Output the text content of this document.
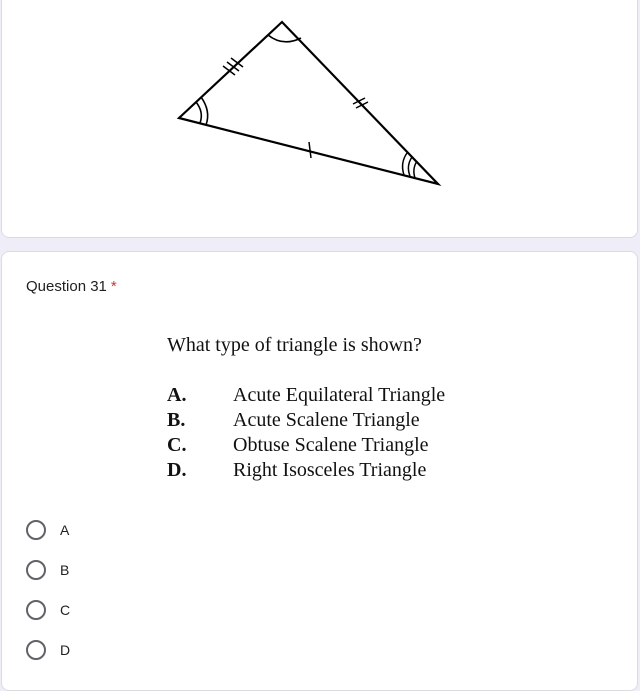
Question 31 *
What type of triangle is shown?
A. Acute Equilateral Triangle
B. Acute Scalene Triangle
C. Obtuse Scalene Triangle
D. Right Isosceles Triangle
A
B
C
D
